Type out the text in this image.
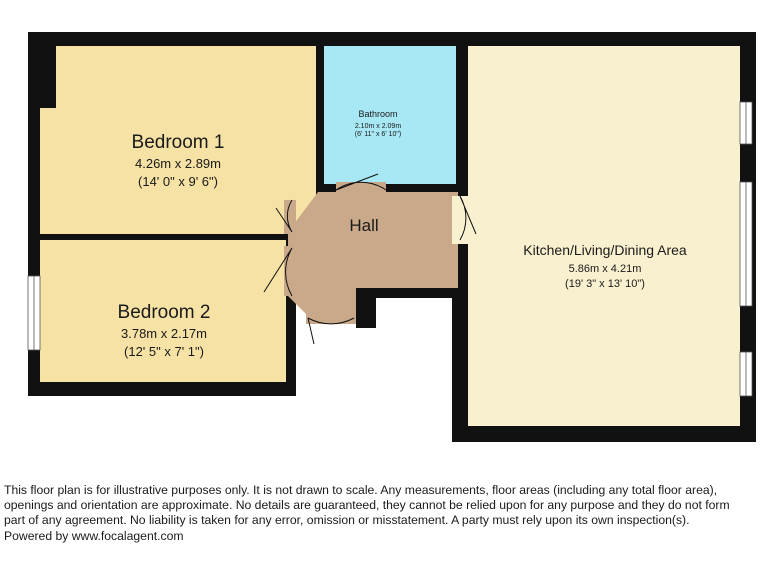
Bedroom 1
4.26m x 2.89m
(14' 0" x 9' 6")
Bedroom 2
3.78m x 2.17m
(12' 5" x 7' 1")
Bathroom
2.10m x 2.09m
(6' 11" x 6' 10")
Hall
Kitchen/Living/Dining Area
5.86m x 4.21m
(19' 3" x 13' 10")
This floor plan is for illustrative purposes only. It is not drawn to scale. Any measurements, floor areas (including any total floor area),
openings and orientation are approximate. No details are guaranteed, they cannot be relied upon for any purpose and they do not form
part of any agreement. No liability is taken for any error, omission or misstatement. A party must rely upon its own inspection(s).
Powered by www.focalagent.com
